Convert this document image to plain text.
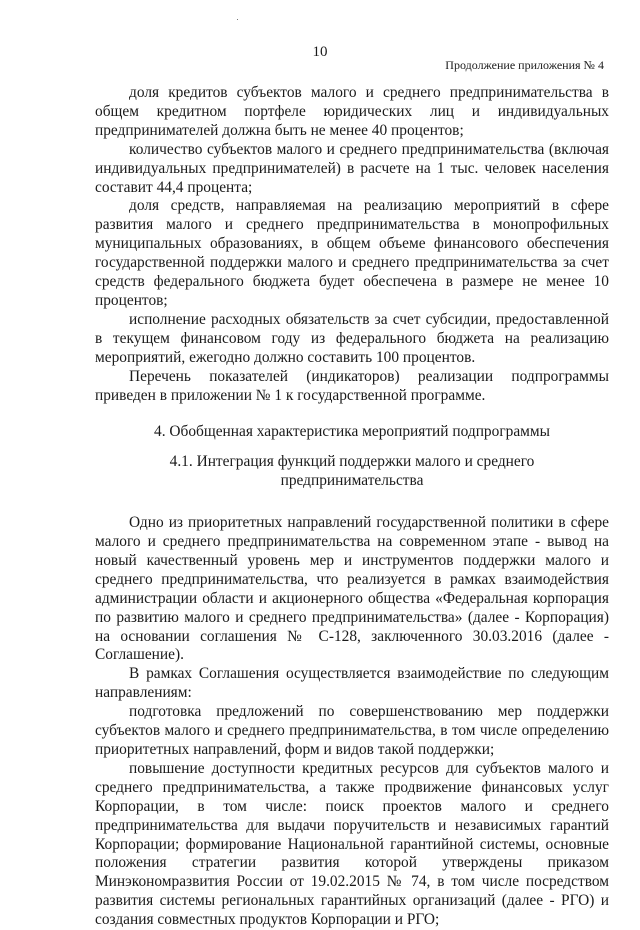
10
Продолжение приложения № 4

доля кредитов субъектов малого и среднего предпринимательства в общем кредитном портфеле юридических лиц и индивидуальных предпринимателей должна быть не менее 40 процентов;

количество субъектов малого и среднего предпринимательства (включая индивидуальных предпринимателей) в расчете на 1 тыс. человек населения составит 44,4 процента;

доля средств, направляемая на реализацию мероприятий в сфере развития малого и среднего предпринимательства в монопрофильных муниципальных образованиях, в общем объеме финансового обеспечения государственной поддержки малого и среднего предпринимательства за счет средств федерального бюджета будет обеспечена в размере не менее 10 процентов;

исполнение расходных обязательств за счет субсидии, предоставленной в текущем финансовом году из федерального бюджета на реализацию мероприятий, ежегодно должно составить 100 процентов.

Перечень показателей (индикаторов) реализации подпрограммы приведен в приложении № 1 к государственной программе.

4. Обобщенная характеристика мероприятий подпрограммы

4.1. Интеграция функций поддержки малого и среднего предпринимательства

Одно из приоритетных направлений государственной политики в сфере малого и среднего предпринимательства на современном этапе - вывод на новый качественный уровень мер и инструментов поддержки малого и среднего предпринимательства, что реализуется в рамках взаимодействия администрации области и акционерного общества «Федеральная корпорация по развитию малого и среднего предпринимательства» (далее - Корпорация) на основании соглашения № С-128, заключенного 30.03.2016 (далее - Соглашение).

В рамках Соглашения осуществляется взаимодействие по следующим направлениям:

подготовка предложений по совершенствованию мер поддержки субъектов малого и среднего предпринимательства, в том числе определению приоритетных направлений, форм и видов такой поддержки;

повышение доступности кредитных ресурсов для субъектов малого и среднего предпринимательства, а также продвижение финансовых услуг Корпорации, в том числе: поиск проектов малого и среднего предпринимательства для выдачи поручительств и независимых гарантий Корпорации; формирование Национальной гарантийной системы, основные положения стратегии развития которой утверждены приказом Минэкономразвития России от 19.02.2015 № 74, в том числе посредством развития системы региональных гарантийных организаций (далее - РГО) и создания совместных продуктов Корпорации и РГО;
